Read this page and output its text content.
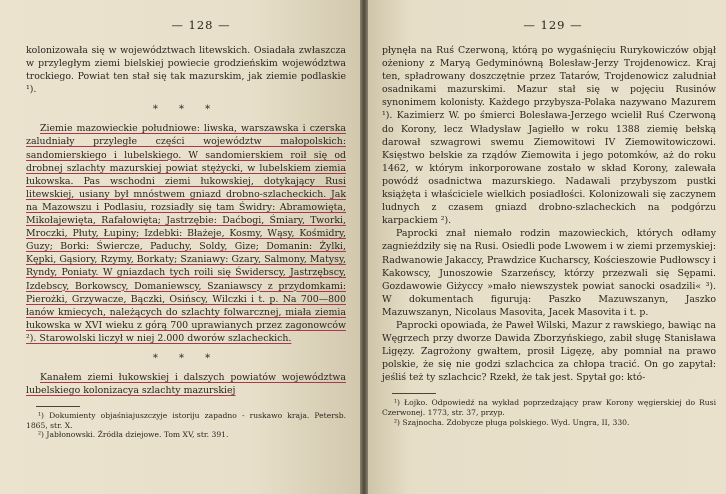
— 128 —

kolonizowała się w województwach litewskich. Osiadała zwłaszcza w przyległym ziemi bielskiej powiecie grodzieńskim województwa trockiego. Powiat ten stał się tak mazurskim, jak ziemie podlaskie ¹).

* * *

Ziemie mazowieckie południowe: liwska, warszawska i czerska zaludniały przyległe części województw małopolskich: sandomierskiego i lubelskiego. W sandomierskiem roił się od drobnej szlachty mazurskiej powiat stężycki, w lubelskiem ziemia łukowska. Pas wschodni ziemi łukowskiej, dotykający Rusi litewskiej, usiany był mnóstwem gniazd drobno-szlacheckich. Jak na Mazowszu i Podlasiu, rozsiadły się tam Świdry: Abramowięta, Mikołajewięta, Rafałowięta; Jastrzębie: Daćbogi, Śmiary, Tworki, Mroczki, Płuty, Łupiny; Izdebki: Błażeje, Kosmy, Wąsy, Kośmidry, Guzy; Borki: Świercze, Paduchy, Soldy, Gize; Domanin: Żylki, Kępki, Gąsiory, Rzymy, Borkaty; Szaniawy: Gzary, Salmony, Matysy, Ryndy, Poniaty. W gniazdach tych roili się Świderscy, Jastrzębscy, Izdebscy, Borkowscy, Domaniewscy, Szaniawscy z przydomkami: Pierożki, Grzywacze, Bączki, Osińscy, Wilczki i t. p. Na 700—800 łanów kmiecych, należących do szlachty folwarcznej, miała ziemia łukowska w XVI wieku z górą 700 uprawianych przez zagonowców ²). Starowolski liczył w niej 2.000 dworów szlacheckich.

* * *

Kanałem ziemi łukowskiej i dalszych powiatów województwa lubelskiego kolonizacya szlachty mazurskiej

¹) Dokumienty objaśniajuszczyje istoriju zapadno - ruskawo kraja. Petersb. 1865, str. X.

²) Jabłonowski. Źródła dziejowe. Tom XV, str. 391.

— 129 —

płynęła na Ruś Czerwoną, którą po wygaśnięciu Rurykowiczów objął ożeniony z Maryą Gedyminówną Bolesław-Jerzy Trojdenowicz. Kraj ten, spładrowany doszczętnie przez Tatarów, Trojdenowicz zaludniał osadnikami mazurskimi. Mazur stał się w pojęciu Rusinów synonimem kolonisty. Każdego przybysza-Polaka nazywano Mazurem ¹). Kazimierz W. po śmierci Bolesława-Jerzego wcielił Ruś Czerwoną do Korony, lecz Władysław Jagiełło w roku 1388 ziemię bełską darował szwagrowi swemu Ziemowitowi IV Ziemowitowiczowi. Księstwo bełskie za rządów Ziemowita i jego potomków, aż do roku 1462, w którym inkorporowane zostało w skład Korony, zalewała powódź osadnictwa mazurskiego. Nadawali przybyszom pustki książęta i właściciele wielkich posiadłości. Kolonizowali się zaczynem ludnych z czasem gniazd drobno-szlacheckich na podgórzu karpackiem ²).

Paprocki znał niemało rodzin mazowieckich, których odłamy zagnieździły się na Rusi. Osiedli pode Lwowem i w ziemi przemyskiej: Radwanowie Jakaccy, Prawdzice Kucharscy, Kościeszowie Pudłowscy i Kakowscy, Junoszowie Szarzeńscy, którzy przezwali się Sępami. Gozdawowie Giżyccy »mało niewszystek powiat sanocki osadzili« ³). W dokumentach figurują: Paszko Mazuwszanyn, Jaszko Mazuwszanyn, Nicolaus Masovita, Jacek Masovita i t. p.

Paprocki opowiada, że Paweł Wilski, Mazur z rawskiego, bawiąc na Węgrzech przy dworze Dawida Zborzyńskiego, zabił sługę Stanisława Ligęzy. Zagrożony gwałtem, prosił Ligęzę, aby pomniał na prawo polskie, że się nie godzi szlachcica za chłopa tracić. On go zapytał: jeśliś też ty szlachcic? Rzekł, że tak jest. Spytał go: któ-

¹) Łojko. Odpowiedź na wykład poprzedzający praw Korony węgierskiej do Rusi Czerwonej. 1773, str. 37, przyp.

²) Szajnocha. Zdobycze pługa polskiego. Wyd. Ungra, II, 330.
